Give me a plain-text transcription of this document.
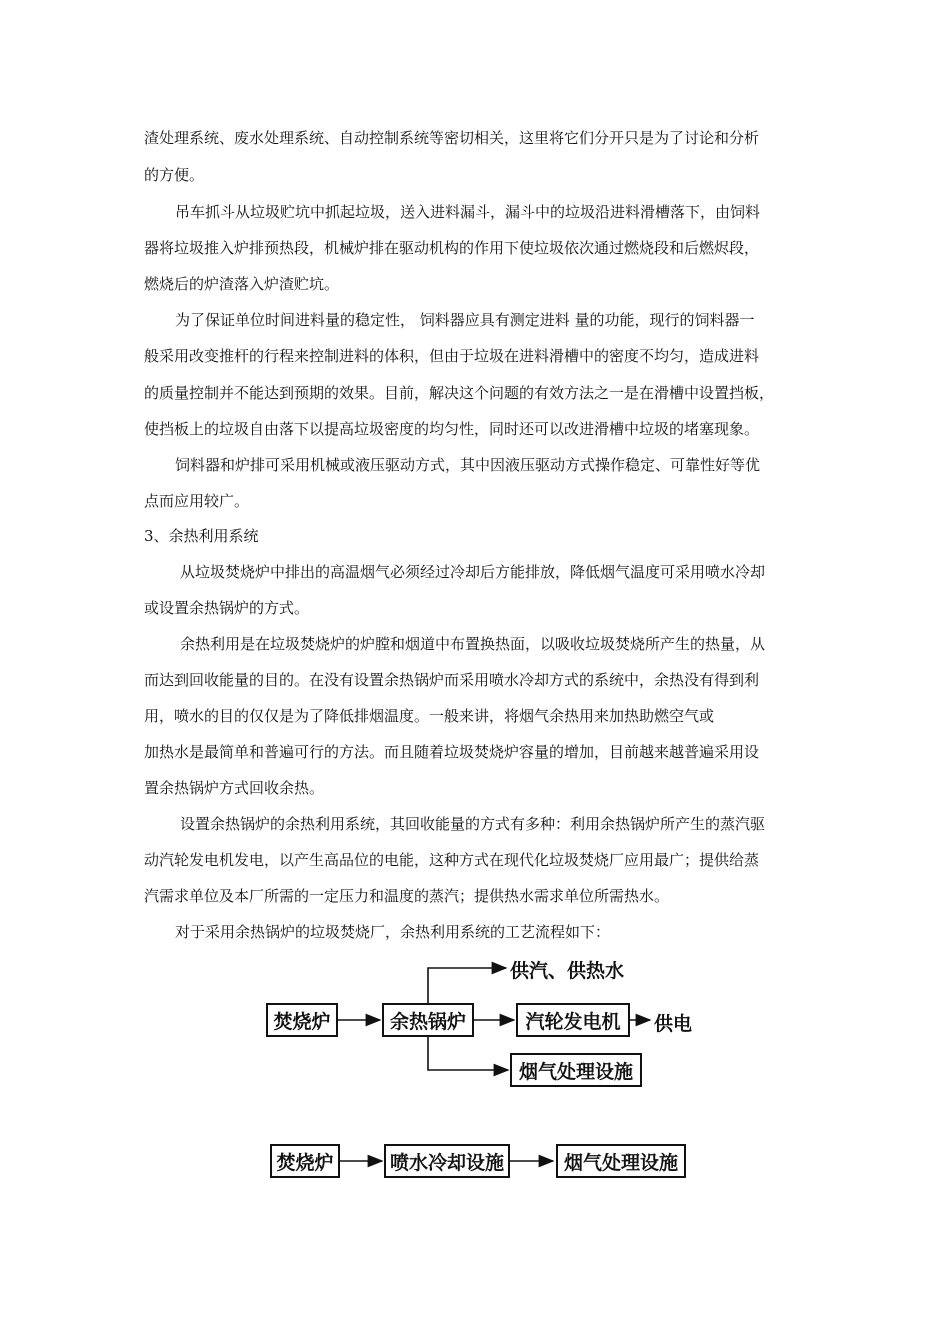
渣处理系统、废水处理系统、自动控制系统等密切相关，这里将它们分开只是为了讨论和分析
的方便。
吊车抓斗从垃圾贮坑中抓起垃圾，送入进料漏斗，漏斗中的垃圾沿进料滑槽落下，由饲料
器将垃圾推入炉排预热段，机械炉排在驱动机构的作用下使垃圾依次通过燃烧段和后燃烬段，
燃烧后的炉渣落入炉渣贮坑。
为了保证单位时间进料量的稳定性， 饲料器应具有测定进料 量的功能，现行的饲料器一
般采用改变推杆的行程来控制进料的体积，但由于垃圾在进料滑槽中的密度不均匀，造成进料
的质量控制并不能达到预期的效果。目前，解决这个问题的有效方法之一是在滑槽中设置挡板，
使挡板上的垃圾自由落下以提高垃圾密度的均匀性，同时还可以改进滑槽中垃圾的堵塞现象。
饲料器和炉排可采用机械或液压驱动方式，其中因液压驱动方式操作稳定、可靠性好等优
点而应用较广。
3、余热利用系统
从垃圾焚烧炉中排出的高温烟气必须经过冷却后方能排放，降低烟气温度可采用喷水冷却
或设置余热锅炉的方式。
余热利用是在垃圾焚烧炉的炉膛和烟道中布置换热面，以吸收垃圾焚烧所产生的热量，从
而达到回收能量的目的。在没有设置余热锅炉而采用喷水冷却方式的系统中，余热没有得到利
用，喷水的目的仅仅是为了降低排烟温度。一般来讲，将烟气余热用来加热助燃空气或
加热水是最简单和普遍可行的方法。而且随着垃圾焚烧炉容量的增加，目前越来越普遍采用设
置余热锅炉方式回收余热。
设置余热锅炉的余热利用系统，其回收能量的方式有多种：利用余热锅炉所产生的蒸汽驱
动汽轮发电机发电，以产生高品位的电能，这种方式在现代化垃圾焚烧厂应用最广；提供给蒸
汽需求单位及本厂所需的一定压力和温度的蒸汽；提供热水需求单位所需热水。
对于采用余热锅炉的垃圾焚烧厂，余热利用系统的工艺流程如下：
焚烧炉	余热锅炉
供汽、供热水
汽轮发电机	供电
烟气处理设施
焚烧炉	喷水冷却设施	烟气处理设施
